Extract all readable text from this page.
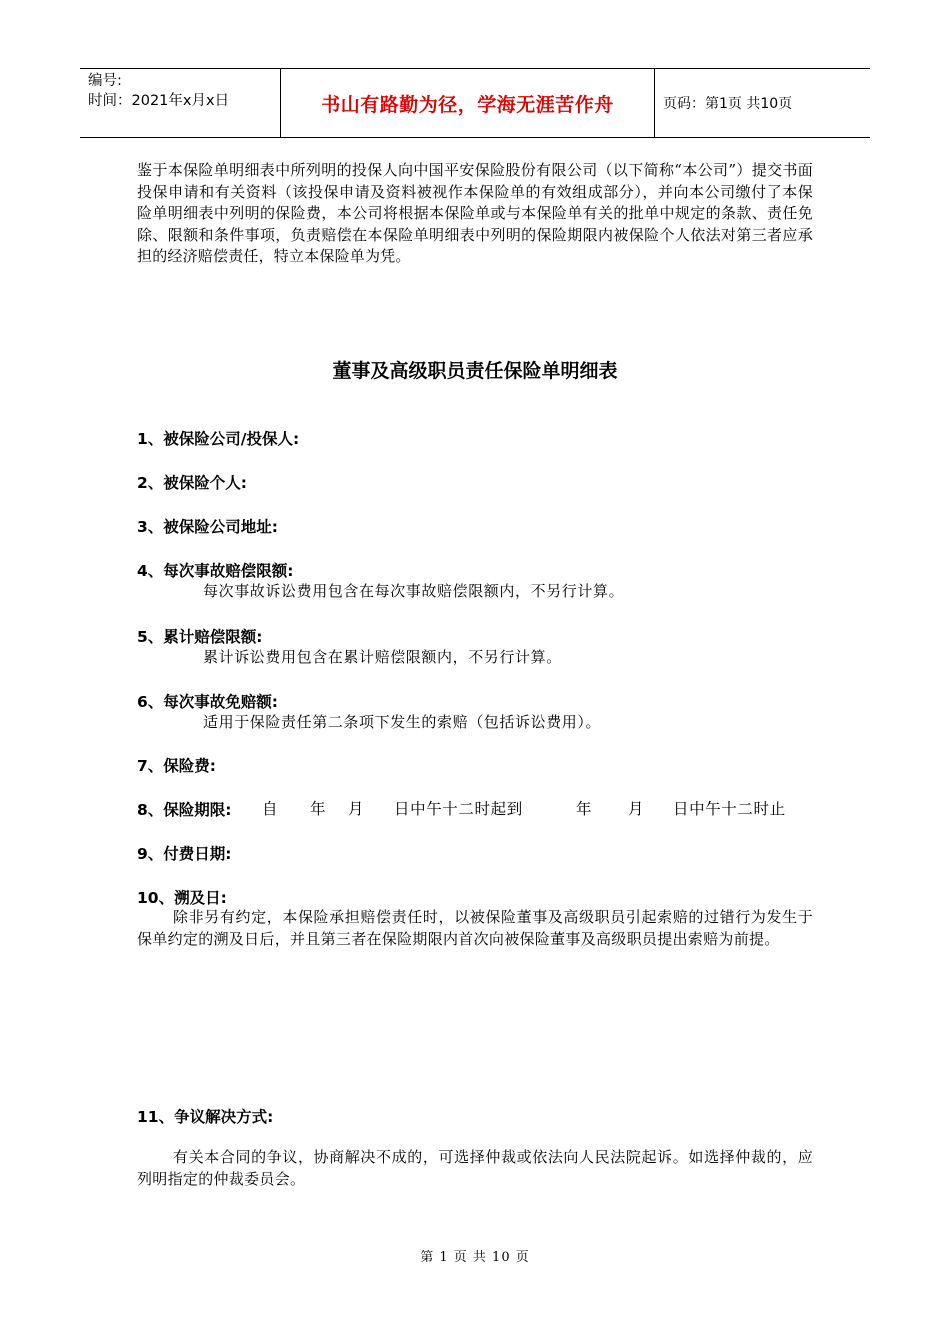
编号:
时间：2021年x月x日	书山有路勤为径，学海无涯苦作舟	页码：第1页 共10页
鉴于本保险单明细表中所列明的投保人向中国平安保险股份有限公司（以下简称“本公司”）提交书面投保申请和有关资料（该投保申请及资料被视作本保险单的有效组成部分），并向本公司缴付了本保险单明细表中列明的保险费，本公司将根据本保险单或与本保险单有关的批单中规定的条款、责任免除、限额和条件事项，负责赔偿在本保险单明细表中列明的保险期限内被保险个人依法对第三者应承担的经济赔偿责任，特立本保险单为凭。
董事及高级职员责任保险单明细表
1、被保险公司/投保人:
2、被保险个人:
3、被保险公司地址:
4、每次事故赔偿限额:
每次事故诉讼费用包含在每次事故赔偿限额内，不另行计算。
5、累计赔偿限额:
累计诉讼费用包含在累计赔偿限额内，不另行计算。
6、每次事故免赔额:
适用于保险责任第二条项下发生的索赔（包括诉讼费用）。
7、保险费:
8、保险期限: 自	年	月	日中午十二时起到	年	月	日中午十二时止
9、付费日期:
10、溯及日:
除非另有约定，本保险承担赔偿责任时，以被保险董事及高级职员引起索赔的过错行为发生于保单约定的溯及日后，并且第三者在保险期限内首次向被保险董事及高级职员提出索赔为前提。
11、争议解决方式:
有关本合同的争议，协商解决不成的，可选择仲裁或依法向人民法院起诉。如选择仲裁的，应列明指定的仲裁委员会。
第 1 页 共 10 页
